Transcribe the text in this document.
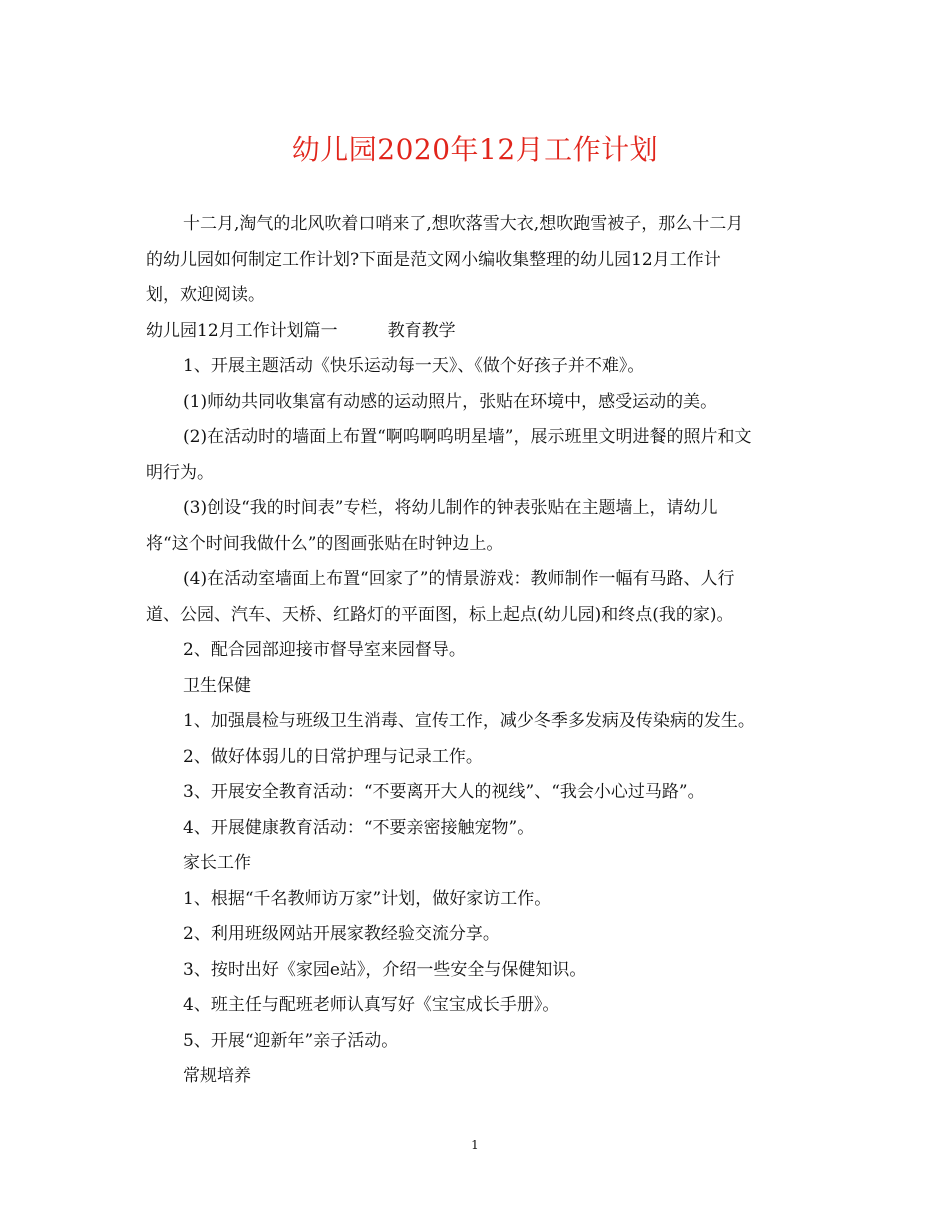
幼儿园2020年12月工作计划
十二月,淘气的北风吹着口哨来了,想吹落雪大衣,想吹跑雪被子，那么十二月
的幼儿园如何制定工作计划?下面是范文网小编收集整理的幼儿园12月工作计
划，欢迎阅读。
幼儿园12月工作计划篇一	教育教学
1、开展主题活动《快乐运动每一天》、《做个好孩子并不难》。
(1)师幼共同收集富有动感的运动照片，张贴在环境中，感受运动的美。
(2)在活动时的墙面上布置“啊呜啊呜明星墙”，展示班里文明进餐的照片和文
明行为。
(3)创设“我的时间表”专栏，将幼儿制作的钟表张贴在主题墙上，请幼儿
将“这个时间我做什么”的图画张贴在时钟边上。
(4)在活动室墙面上布置“回家了”的情景游戏：教师制作一幅有马路、人行
道、公园、汽车、天桥、红路灯的平面图，标上起点(幼儿园)和终点(我的家)。
2、配合园部迎接市督导室来园督导。
卫生保健
1、加强晨检与班级卫生消毒、宣传工作，减少冬季多发病及传染病的发生。
2、做好体弱儿的日常护理与记录工作。
3、开展安全教育活动：“不要离开大人的视线”、“我会小心过马路”。
4、开展健康教育活动：“不要亲密接触宠物”。
家长工作
1、根据“千名教师访万家”计划，做好家访工作。
2、利用班级网站开展家教经验交流分享。
3、按时出好《家园e站》，介绍一些安全与保健知识。
4、班主任与配班老师认真写好《宝宝成长手册》。
5、开展“迎新年”亲子活动。
常规培养
1
